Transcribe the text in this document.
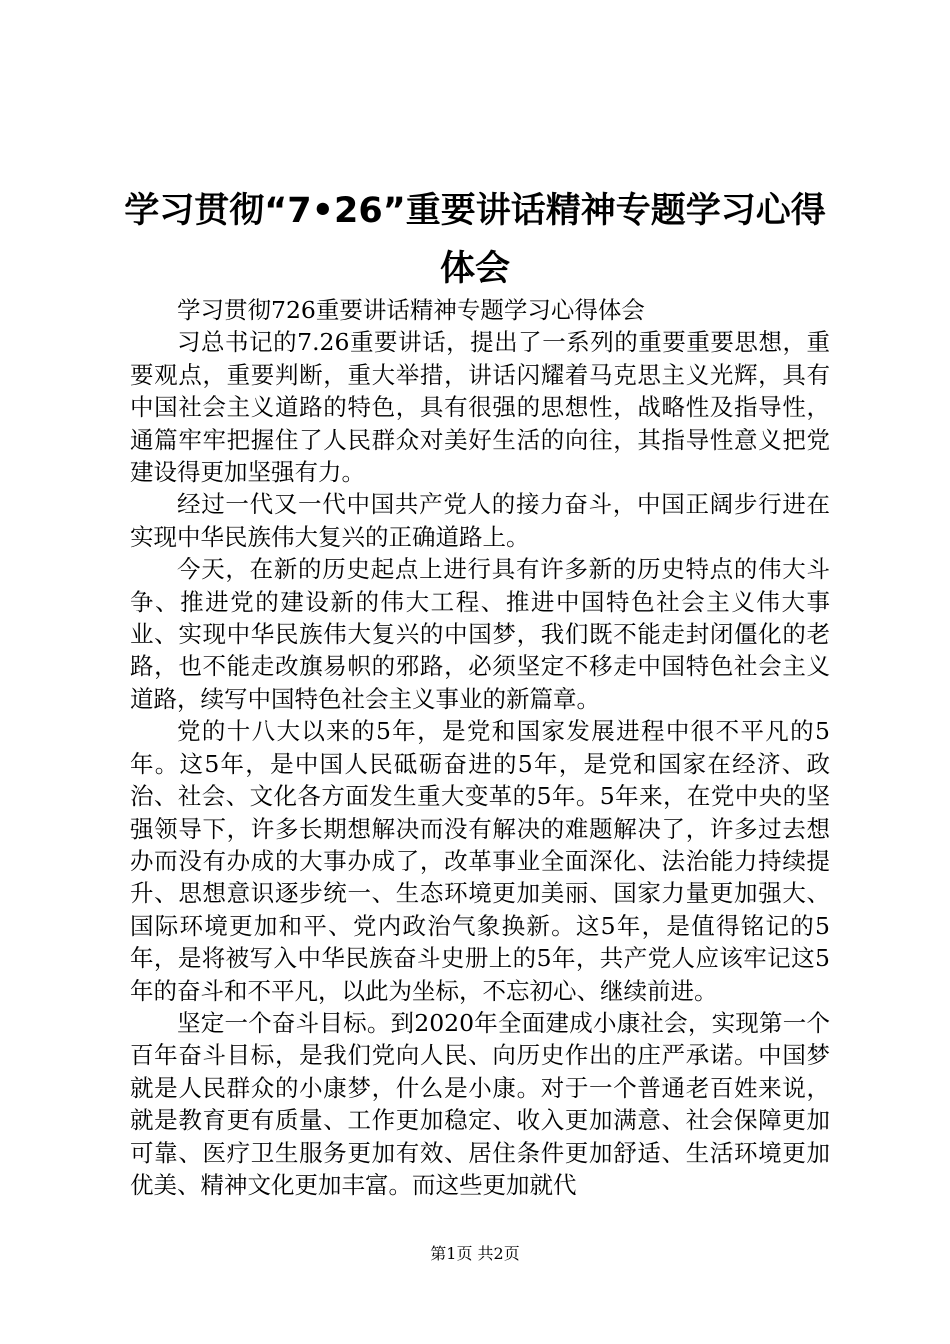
学习贯彻“7•26”重要讲话精神专题学习心得体会

学习贯彻726重要讲话精神专题学习心得体会

习总书记的7.26重要讲话，提出了一系列的重要重要思想，重要观点，重要判断，重大举措，讲话闪耀着马克思主义光辉，具有中国社会主义道路的特色，具有很强的思想性，战略性及指导性，通篇牢牢把握住了人民群众对美好生活的向往，其指导性意义把党建设得更加坚强有力。

经过一代又一代中国共产党人的接力奋斗，中国正阔步行进在实现中华民族伟大复兴的正确道路上。

今天，在新的历史起点上进行具有许多新的历史特点的伟大斗争、推进党的建设新的伟大工程、推进中国特色社会主义伟大事业、实现中华民族伟大复兴的中国梦，我们既不能走封闭僵化的老路，也不能走改旗易帜的邪路，必须坚定不移走中国特色社会主义道路，续写中国特色社会主义事业的新篇章。

党的十八大以来的5年，是党和国家发展进程中很不平凡的5年。这5年，是中国人民砥砺奋进的5年，是党和国家在经济、政治、社会、文化各方面发生重大变革的5年。5年来，在党中央的坚强领导下，许多长期想解决而没有解决的难题解决了，许多过去想办而没有办成的大事办成了，改革事业全面深化、法治能力持续提升、思想意识逐步统一、生态环境更加美丽、国家力量更加强大、国际环境更加和平、党内政治气象换新。这5年，是值得铭记的5年，是将被写入中华民族奋斗史册上的5年，共产党人应该牢记这5年的奋斗和不平凡，以此为坐标，不忘初心、继续前进。

坚定一个奋斗目标。到2020年全面建成小康社会，实现第一个百年奋斗目标，是我们党向人民、向历史作出的庄严承诺。中国梦就是人民群众的小康梦，什么是小康。对于一个普通老百姓来说，就是教育更有质量、工作更加稳定、收入更加满意、社会保障更加可靠、医疗卫生服务更加有效、居住条件更加舒适、生活环境更加优美、精神文化更加丰富。而这些更加就代

第1页 共2页
